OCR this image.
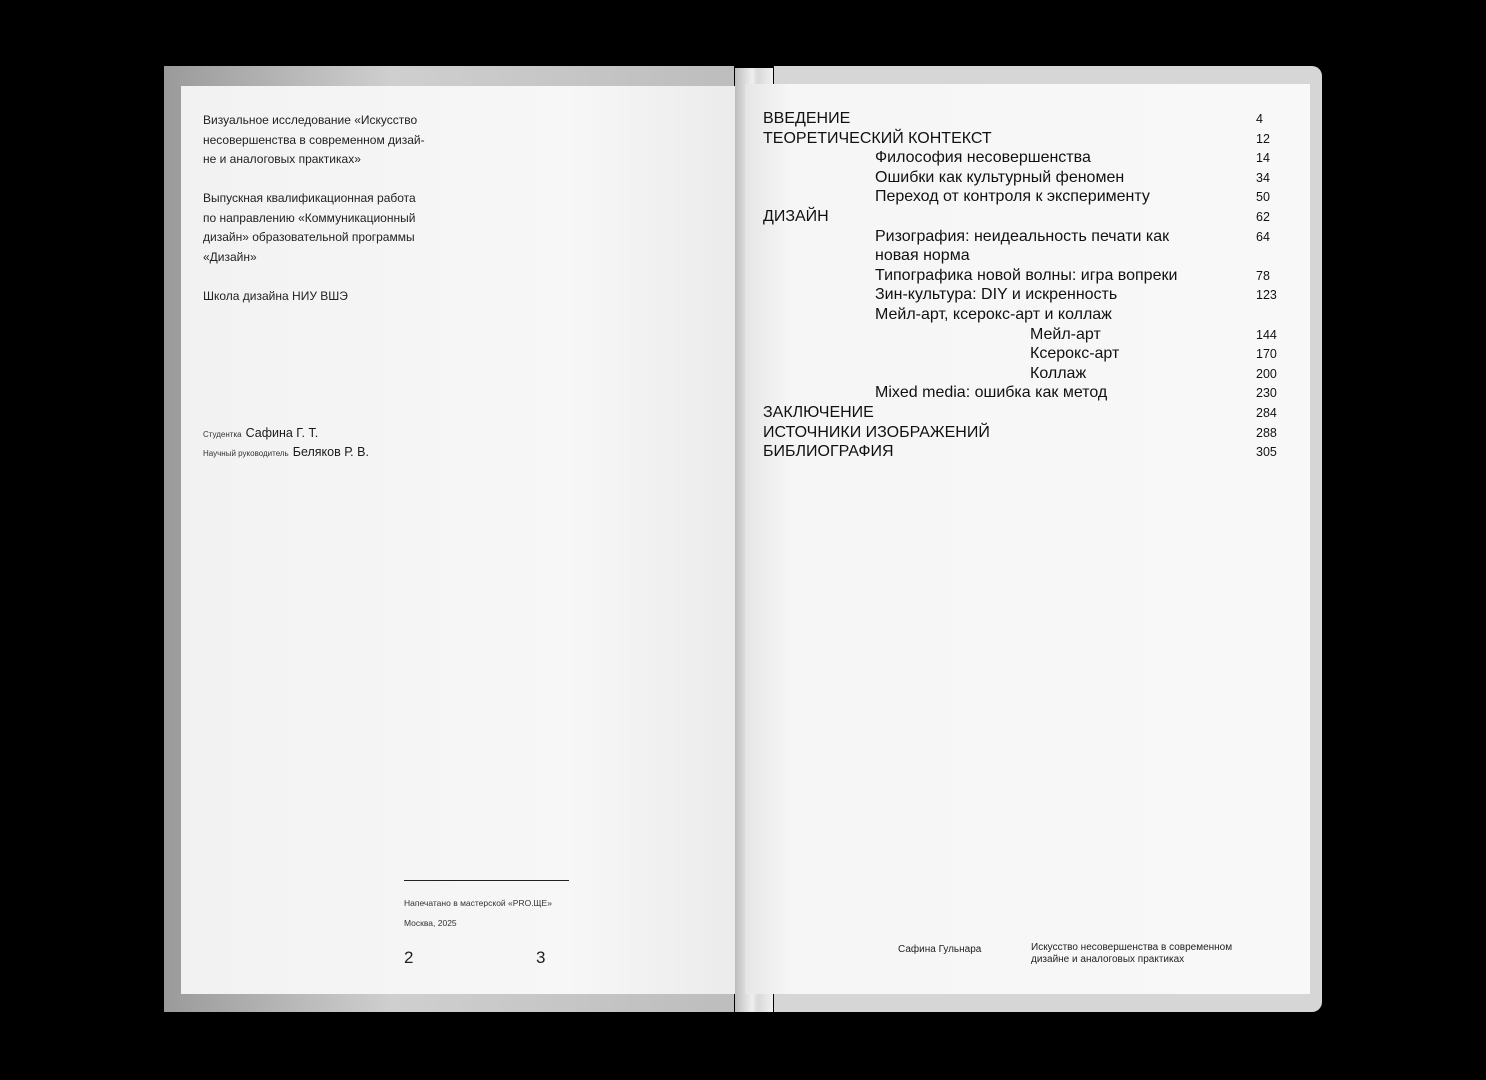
Визуальное исследование «Искусство
несовершенства в современном дизай-
не и аналоговых практиках»

Выпускная квалификационная работа
по направлению «Коммуникационный
дизайн» образовательной программы
«Дизайн»

Школа дизайна НИУ ВШЭ
Студентка Сафина Г. Т.
Научный руководитель Беляков Р. В.
Напечатано в мастерской «PRO.ЩЕ»
Москва, 2025
2	3
ВВЕДЕНИЕ	4
ТЕОРЕТИЧЕСКИЙ КОНТЕКСТ	12
Философия несовершенства	14
Ошибки как культурный феномен	34
Переход от контроля к эксперименту	50
ДИЗАЙН	62
Ризография: неидеальность печати как	64
новая норма
Типографика новой волны: игра вопреки	78
Зин-культура: DIY и искренность	123
Мейл-арт, ксерокс-арт и коллаж
Мейл-арт	144
Ксерокс-арт	170
Коллаж	200
Mixed media: ошибка как метод	230
ЗАКЛЮЧЕНИЕ	284
ИСТОЧНИКИ ИЗОБРАЖЕНИЙ	288
БИБЛИОГРАФИЯ	305
Сафина Гульнара	Искусство несовершенства в современном
дизайне и аналоговых практиках
